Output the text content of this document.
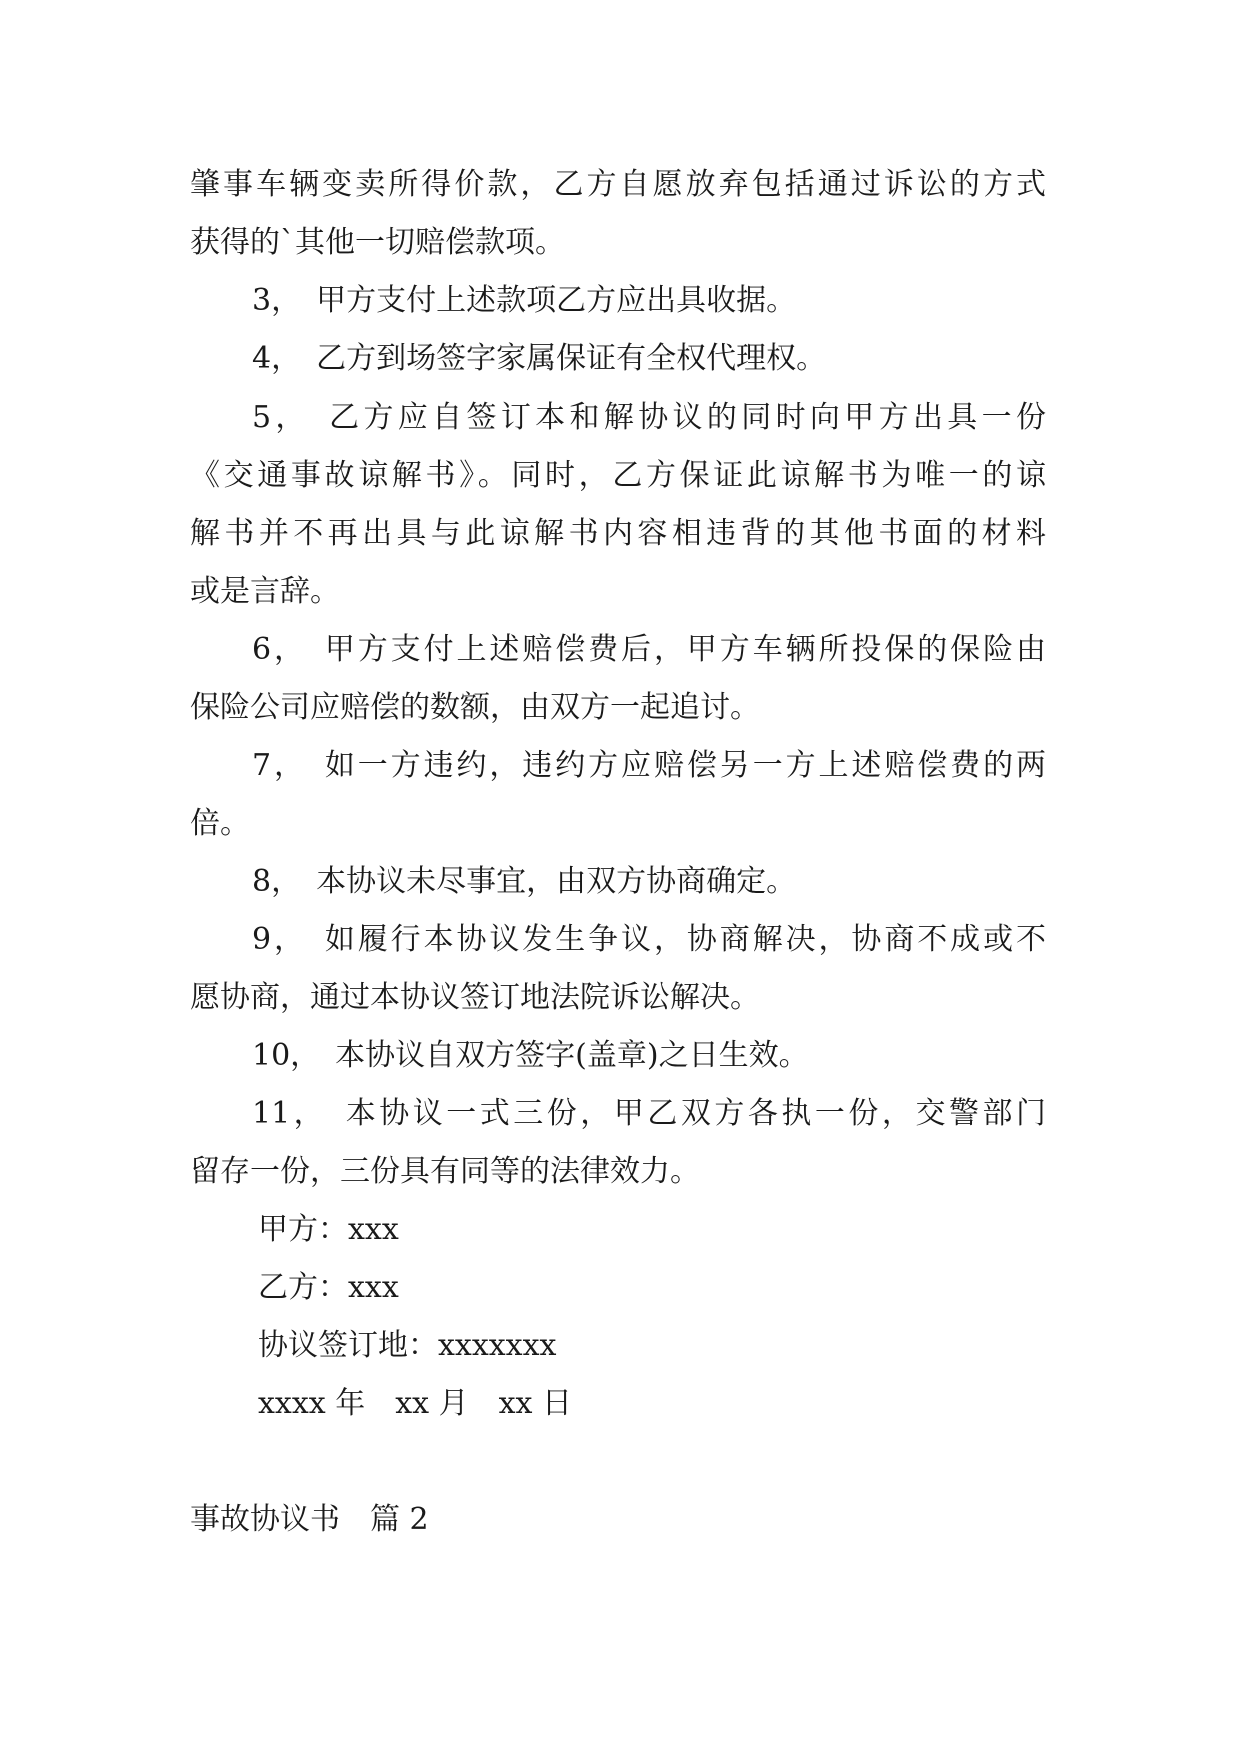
肇事车辆变卖所得价款，乙方自愿放弃包括通过诉讼的方式
获得的`其他一切赔偿款项。
3，　甲方支付上述款项乙方应出具收据。
4，　乙方到场签字家属保证有全权代理权。
5，　乙方应自签订本和解协议的同时向甲方出具一份
《交通事故谅解书》。同时，乙方保证此谅解书为唯一的谅
解书并不再出具与此谅解书内容相违背的其他书面的材料
或是言辞。
6，　甲方支付上述赔偿费后，甲方车辆所投保的保险由
保险公司应赔偿的数额，由双方一起追讨。
7，　如一方违约，违约方应赔偿另一方上述赔偿费的两
倍。
8，　本协议未尽事宜，由双方协商确定。
9，　如履行本协议发生争议，协商解决，协商不成或不
愿协商，通过本协议签订地法院诉讼解决。
10，　本协议自双方签字(盖章)之日生效。
11，　本协议一式三份，甲乙双方各执一份，交警部门
留存一份，三份具有同等的法律效力。
甲方：xxx
乙方：xxx
协议签订地：xxxxxxx
xxxx 年　xx 月　xx 日
事故协议书　篇 2
